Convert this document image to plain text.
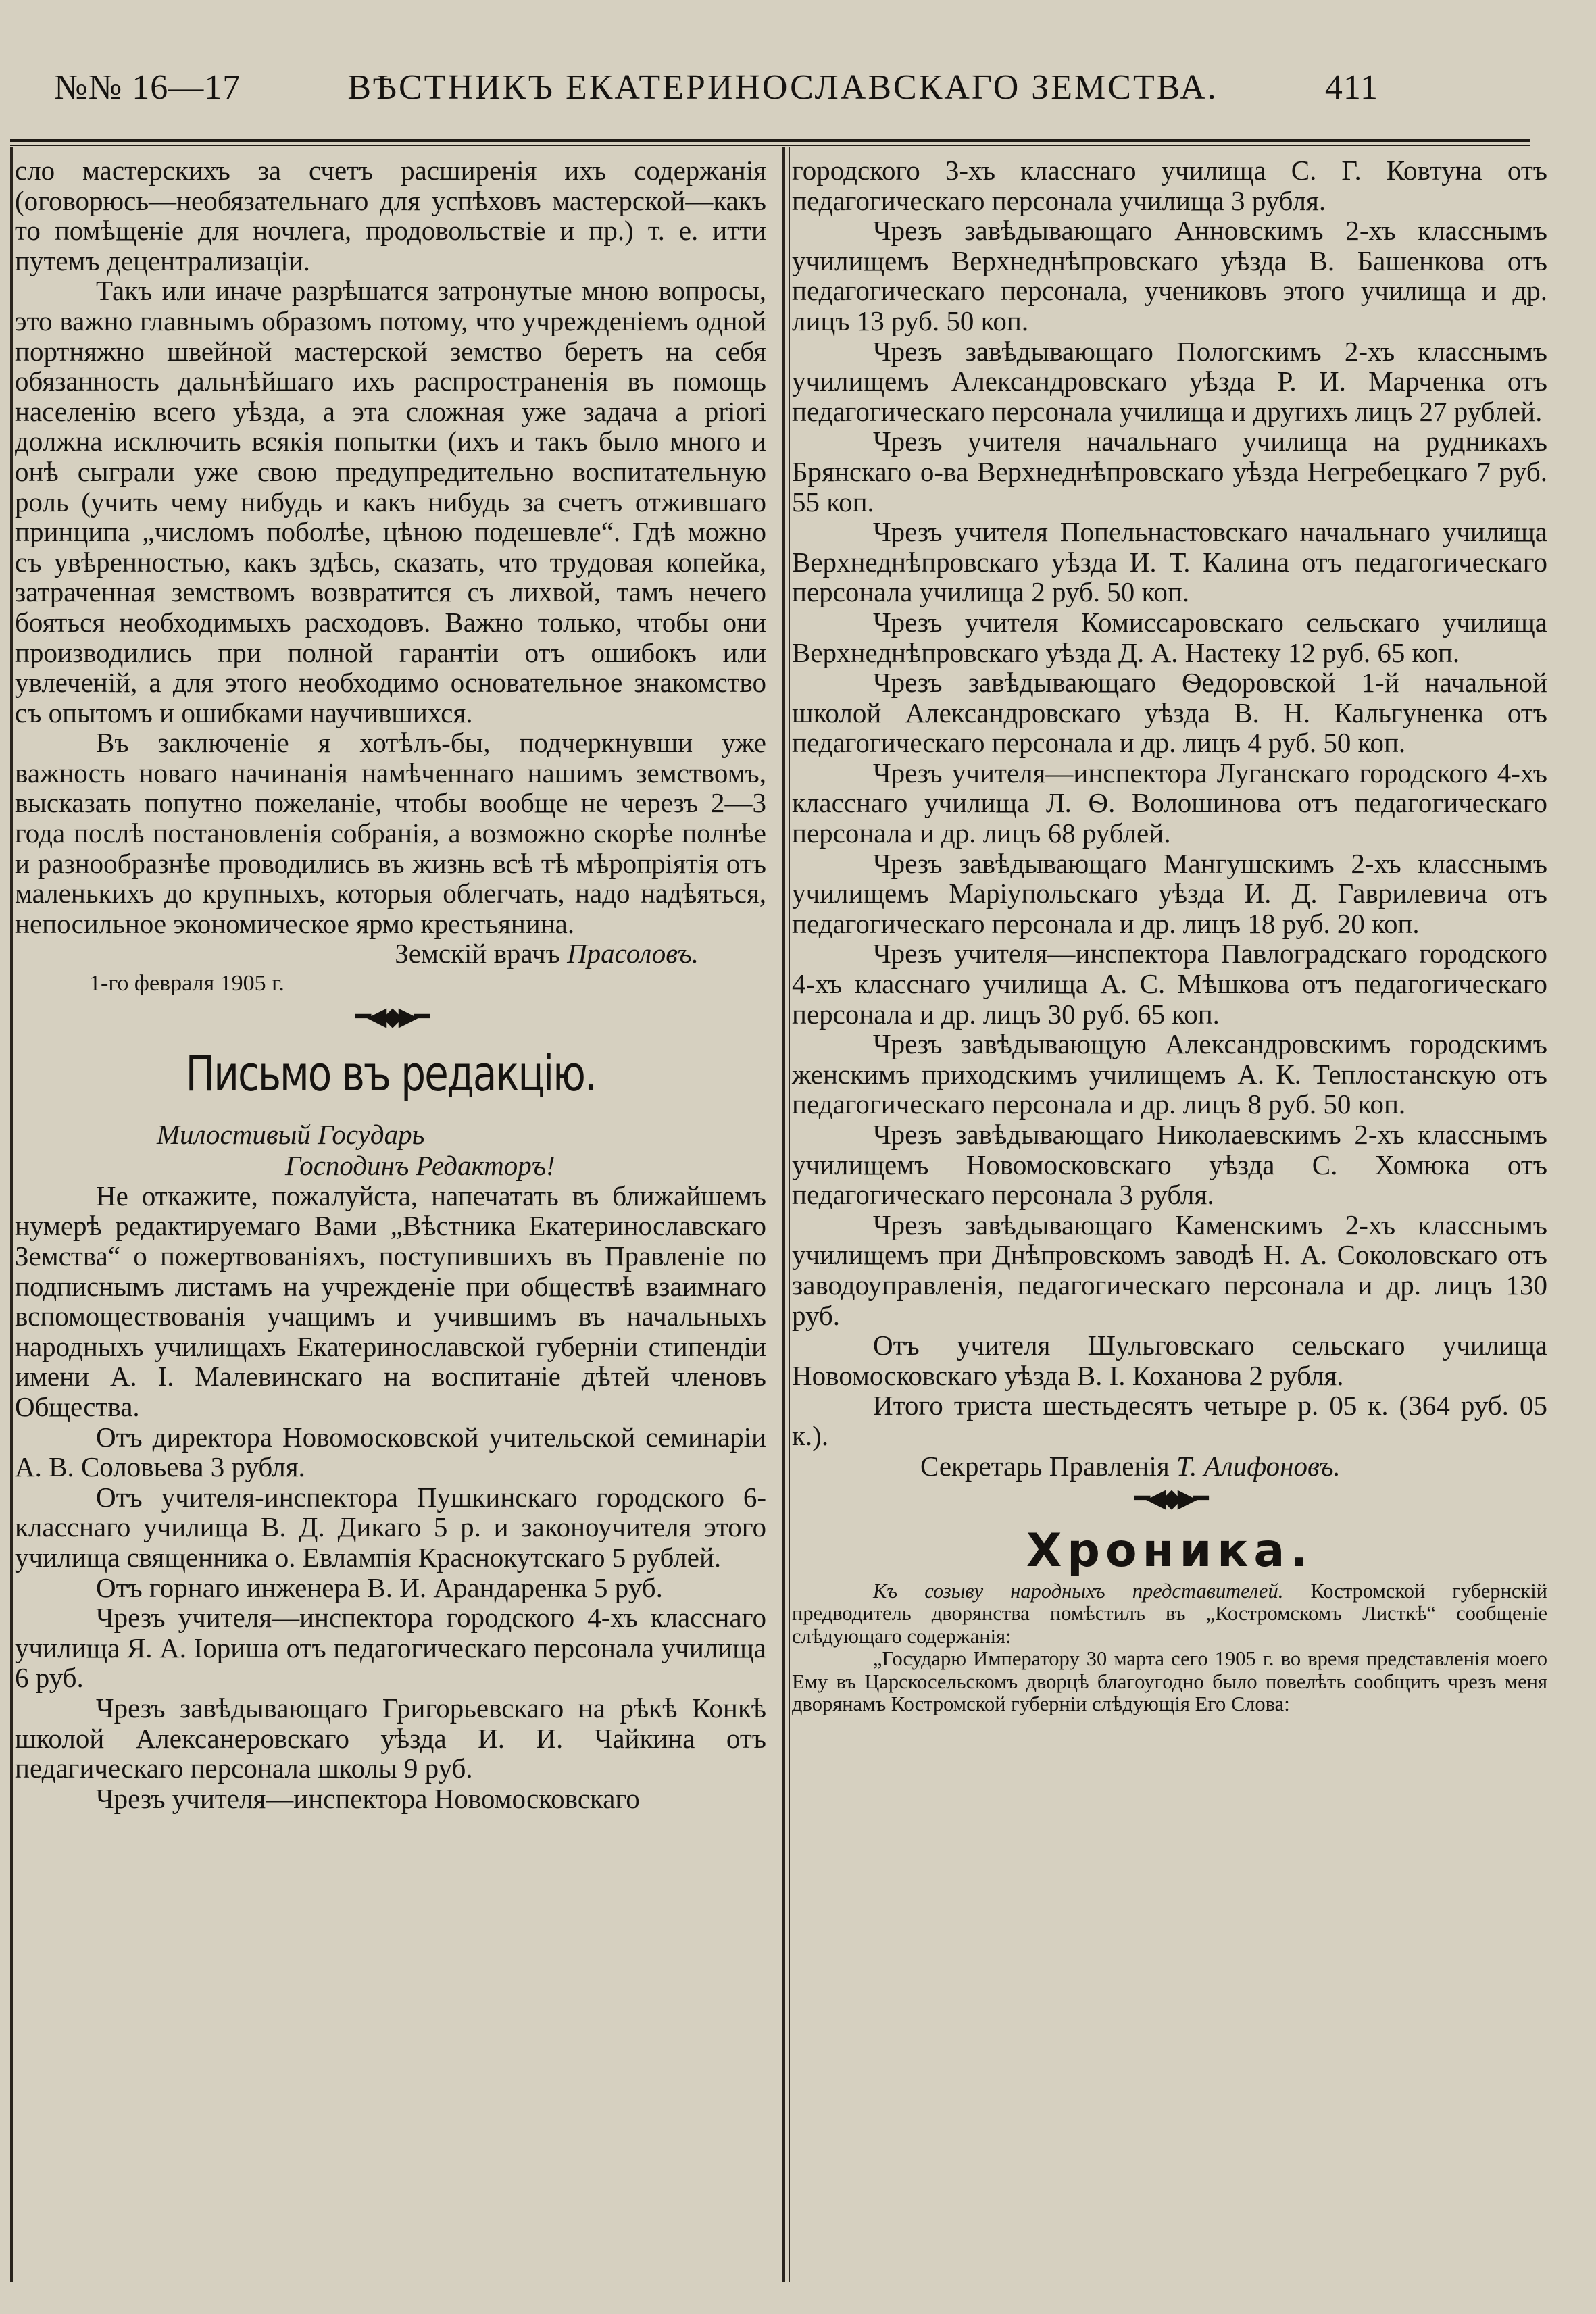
№№ 16—17	ВѢСТНИКЪ ЕКАТЕРИНОСЛАВСКАГО ЗЕМСТВА.	411

сло мастерскихъ за счетъ расширенія ихъ содержанія (оговорюсь—необязательнаго для успѣховъ мастерской—какъ то помѣщеніе для ночлега, продовольствіе и пр.) т. е. итти путемъ децентрализаціи.

Такъ или иначе разрѣшатся затронутые мною вопросы, это важно главнымъ образомъ потому, что учрежденіемъ одной портняжно швейной мастерской земство беретъ на себя обязанность дальнѣйшаго ихъ распространенія въ помощь населенію всего уѣзда, а эта сложная уже задача a priori должна исключить всякія попытки (ихъ и такъ было много и онѣ сыграли уже свою предупредительно воспитательную роль (учить чему нибудь и какъ нибудь за счетъ отжившаго принципа „числомъ поболѣе, цѣною подешевле“. Гдѣ можно съ увѣренностью, какъ здѣсь, сказать, что трудовая копейка, затраченная земствомъ возвратится съ лихвой, тамъ нечего бояться необходимыхъ расходовъ. Важно только, чтобы они производились при полной гарантіи отъ ошибокъ или увлеченій, а для этого необходимо основательное знакомство съ опытомъ и ошибками научившихся.

Въ заключеніе я хотѣлъ-бы, подчеркнувши уже важность новаго начинанія намѣченнаго нашимъ земствомъ, высказать попутно пожеланіе, чтобы вообще не черезъ 2—3 года послѣ постановленія собранія, а возможно скорѣе полнѣе и разнообразнѣе проводились въ жизнь всѣ тѣ мѣропріятія отъ маленькихъ до крупныхъ, которыя облегчать, надо надѣяться, непосильное экономическое ярмо крестьянина.

Земскій врачъ Прасоловъ.

1-го февраля 1905 г.

━◀◆▶━
Письмо въ редакцію.

Милостивый Государь

Господинъ Редакторъ!

Не откажите, пожалуйста, напечатать въ ближайшемъ нумерѣ редактируемаго Вами „Вѣстника Екатеринославскаго Земства“ о пожертвованіяхъ, поступившихъ въ Правленіе по подписнымъ листамъ на учрежденіе при обществѣ взаимнаго вспомоществованія учащимъ и учившимъ въ начальныхъ народныхъ училищахъ Екатеринославской губерніи стипендіи имени А. І. Малевинскаго на воспитаніе дѣтей членовъ Общества.

Отъ директора Новомосковской учительской семинаріи А. В. Соловьева 3 рубля.

Отъ учителя-инспектора Пушкинскаго городского 6-класснаго училища В. Д. Дикаго 5 р. и законоучителя этого училища священника о. Евлампія Краснокутскаго 5 рублей.

Отъ горнаго инженера В. И. Арандаренка 5 руб.

Чрезъ учителя—инспектора городского 4-хъ класснаго училища Я. А. Іориша отъ педагогическаго персонала училища 6 руб.

Чрезъ завѣдывающаго Григорьевскаго на рѣкѣ Конкѣ школой Алексанеровскаго уѣзда И. И. Чайкина отъ педагическаго персонала школы 9 руб.

Чрезъ учителя—инспектора Новомосковскаго

городского 3-хъ класснаго училища С. Г. Ковтуна отъ педагогическаго персонала училища 3 рубля.

Чрезъ завѣдывающаго Анновскимъ 2-хъ класснымъ училищемъ Верхнеднѣпровскаго уѣзда В. Башенкова отъ педагогическаго персонала, учениковъ этого училища и др. лицъ 13 руб. 50 коп.

Чрезъ завѣдывающаго Пологскимъ 2-хъ класснымъ училищемъ Александровскаго уѣзда Р. И. Марченка отъ педагогическаго персонала училища и другихъ лицъ 27 рублей.

Чрезъ учителя начальнаго училища на рудникахъ Брянскаго о-ва Верхнеднѣпровскаго уѣзда Негребецкаго 7 руб. 55 коп.

Чрезъ учителя Попельнастовскаго начальнаго училища Верхнеднѣпровскаго уѣзда И. Т. Калина отъ педагогическаго персонала училища 2 руб. 50 коп.

Чрезъ учителя Комиссаровскаго сельскаго училища Верхнеднѣпровскаго уѣзда Д. А. Настеку 12 руб. 65 коп.

Чрезъ завѣдывающаго Ѳедоровской 1-й начальной школой Александровскаго уѣзда В. Н. Кальгуненка отъ педагогическаго персонала и др. лицъ 4 руб. 50 коп.

Чрезъ учителя—инспектора Луганскаго городского 4-хъ класснаго училища Л. Ѳ. Волошинова отъ педагогическаго персонала и др. лицъ 68 рублей.

Чрезъ завѣдывающаго Мангушскимъ 2-хъ класснымъ училищемъ Маріупольскаго уѣзда И. Д. Гаврилевича отъ педагогическаго персонала и др. лицъ 18 руб. 20 коп.

Чрезъ учителя—инспектора Павлоградскаго городского 4-хъ класснаго училища А. С. Мѣшкова отъ педагогическаго персонала и др. лицъ 30 руб. 65 коп.

Чрезъ завѣдывающую Александровскимъ городскимъ женскимъ приходскимъ училищемъ А. К. Теплостанскую отъ педагогическаго персонала и др. лицъ 8 руб. 50 коп.

Чрезъ завѣдывающаго Николаевскимъ 2-хъ класснымъ училищемъ Новомосковскаго уѣзда С. Хомюка отъ педагогическаго персонала 3 рубля.

Чрезъ завѣдывающаго Каменскимъ 2-хъ класснымъ училищемъ при Днѣпровскомъ заводѣ Н. А. Соколовскаго отъ заводоуправленія, педагогическаго персонала и др. лицъ 130 руб.

Отъ учителя Шульговскаго сельскаго училища Новомосковскаго уѣзда В. І. Коханова 2 рубля.

Итого триста шестьдесятъ четыре р. 05 к. (364 руб. 05 к.).

Секретарь Правленія Т. Алифоновъ.

━◀◆▶━
Хроника.

Къ созыву народныхъ представителей. Костромской губернскій предводитель дворянства помѣстилъ въ „Костромскомъ Листкѣ“ сообщеніе слѣдующаго содержанія:

„Государю Императору 30 марта сего 1905 г. во время представленія моего Ему въ Царскосельскомъ дворцѣ благоугодно было повелѣть сообщить чрезъ меня дворянамъ Костромской губерніи слѣдующія Его Слова:
